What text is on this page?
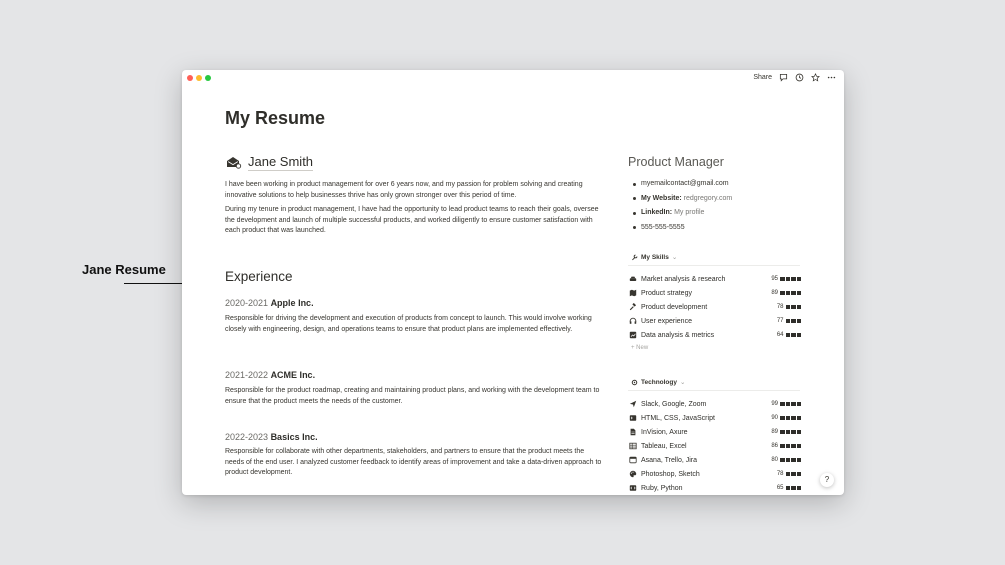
Jane Resume
Share
My Resume
Jane Smith

I have been working in product management for over 6 years now, and my passion for problem solving and creating innovative solutions to help businesses thrive has only grown stronger over this period of time.

During my tenure in product management, I have had the opportunity to lead product teams to reach their goals, oversee the development and launch of multiple successful products, and worked diligently to ensure customer satisfaction with each product that was launched.

Experience
2020-2021 Apple Inc.

Responsible for driving the development and execution of products from concept to launch. This would involve working closely with engineering, design, and operations teams to ensure that product plans are implemented effectively.

2021-2022 ACME Inc.

Responsible for the product roadmap, creating and maintaining product plans, and working with the development team to ensure that the product meets the needs of the customer.

2022-2023 Basics Inc.

Responsible for collaborate with other departments, stakeholders, and partners to ensure that the product meets the needs of the end user. I analyzed customer feedback to identify areas of improvement and take a data-driven approach to product development.

Product Manager
myemailcontact@gmail.com
My Website: redgregory.com
LinkedIn: My profile
555-555-5555
My Skills ⌄
Market analysis & research	95
Product strategy	89
Product development	78
User experience	77
Data analysis & metrics	64
+ New
Technology ⌄
Slack, Google, Zoom	99
HTML, CSS, JavaScript	90
InVision, Axure	89
Tableau, Excel	86
Asana, Trello, Jira	80
Photoshop, Sketch	78
Ruby, Python	65
?
